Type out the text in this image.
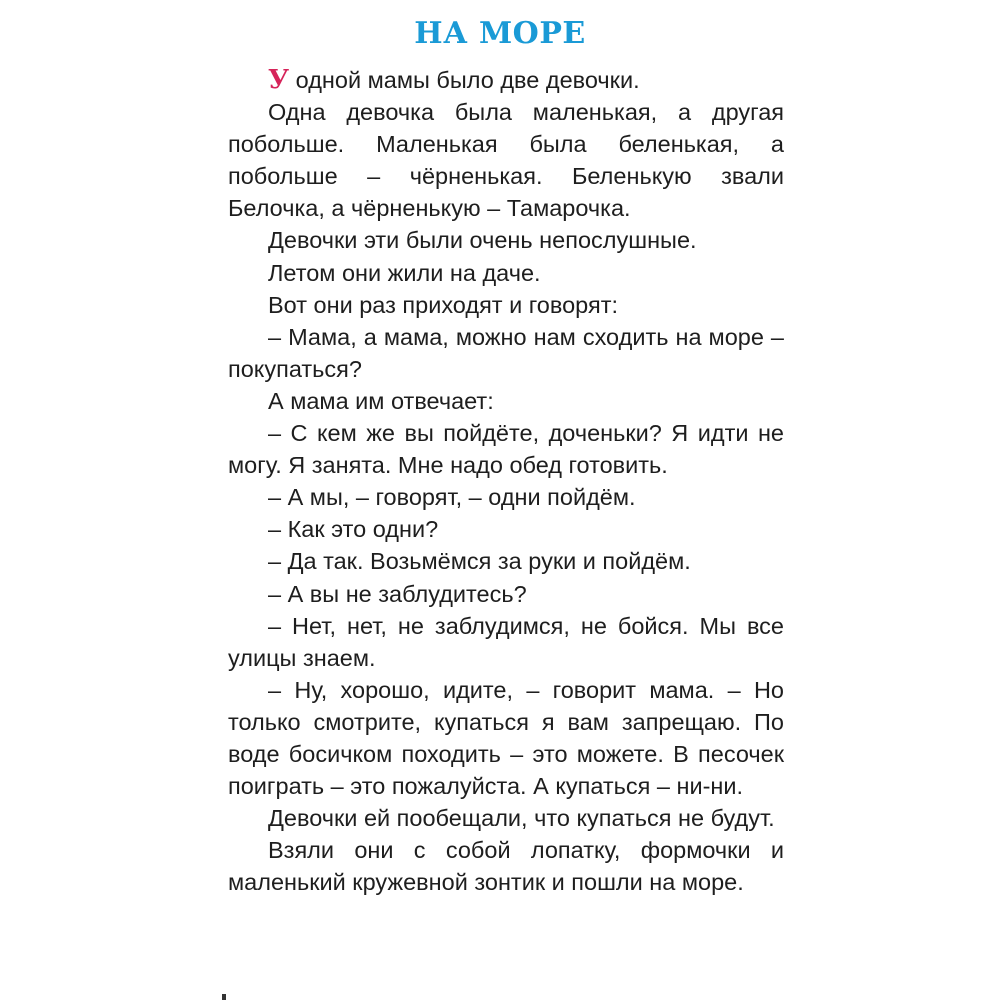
НА МОРЕ

У одной мамы было две девочки.

Одна девочка была маленькая, а другая побольше. Маленькая была беленькая, а побольше – чёрненькая. Беленькую звали Белочка, а чёрненькую – Тамарочка.

Девочки эти были очень непослушные.

Летом они жили на даче.

Вот они раз приходят и говорят:

– Мама, а мама, можно нам сходить на море – покупаться?

А мама им отвечает:

– С кем же вы пойдёте, доченьки? Я идти не могу. Я занята. Мне надо обед готовить.

– А мы, – говорят, – одни пойдём.

– Как это одни?

– Да так. Возьмёмся за руки и пойдём.

– А вы не заблудитесь?

– Нет, нет, не заблудимся, не бойся. Мы все улицы знаем.

– Ну, хорошо, идите, – говорит мама. – Но только смотрите, купаться я вам запрещаю. По воде босичком походить – это можете. В песочек поиграть – это пожалуйста. А купаться – ни-ни.

Девочки ей пообещали, что купаться не будут.

Взяли они с собой лопатку, формочки и маленький кружевной зонтик и пошли на море.
